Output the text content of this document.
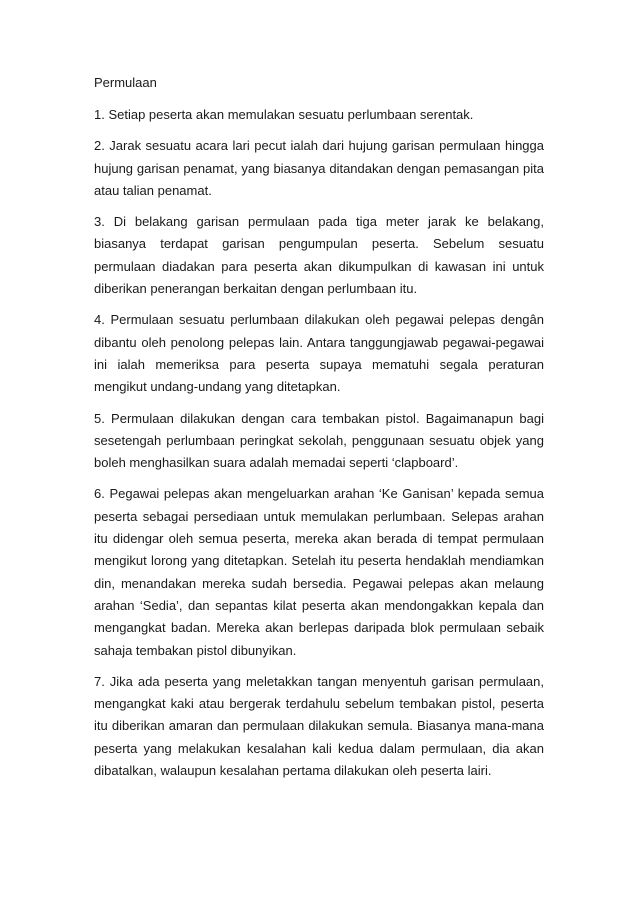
Permulaan

1. Setiap peserta akan memulakan sesuatu perlumbaan serentak.

2. Jarak sesuatu acara lari pecut ialah dari hujung garisan permulaan hingga hujung garisan penamat, yang biasanya ditandakan dengan pemasangan pita atau talian penamat.

3. Di belakang garisan permulaan pada tiga meter jarak ke belakang, biasanya terdapat garisan pengumpulan peserta. Sebelum sesuatu permulaan diadakan para peserta akan dikumpulkan di kawasan ini untuk diberikan penerangan berkaitan dengan perlumbaan itu.

4. Permulaan sesuatu perlumbaan dilakukan oleh pegawai pelepas dengân dibantu oleh penolong pelepas lain. Antara tanggungjawab pegawai-pegawai ini ialah memeriksa para peserta supaya mematuhi segala peraturan mengikut undang-undang yang ditetapkan.

5. Permulaan dilakukan dengan cara tembakan pistol. Bagaimanapun bagi sesetengah perlumbaan peringkat sekolah, penggunaan sesuatu objek yang boleh menghasilkan suara adalah memadai seperti ‘clapboard’.

6. Pegawai pelepas akan mengeluarkan arahan ‘Ke Ganisan’ kepada semua peserta sebagai persediaan untuk memulakan perlumbaan. Selepas arahan itu didengar oleh semua peserta, mereka akan berada di tempat permulaan mengikut lorong yang ditetapkan. Setelah itu peserta hendaklah mendiamkan din, menandakan mereka sudah bersedia. Pegawai pelepas akan melaung arahan ‘Sedia’, dan sepantas kilat peserta akan mendongakkan kepala dan mengangkat badan. Mereka akan berlepas daripada blok permulaan sebaik sahaja tembakan pistol dibunyikan.

7. Jika ada peserta yang meletakkan tangan menyentuh garisan permulaan, mengangkat kaki atau bergerak terdahulu sebelum tembakan pistol, peserta itu diberikan amaran dan permulaan dilakukan semula. Biasanya mana-mana peserta yang melakukan kesalahan kali kedua dalam permulaan, dia akan dibatalkan, walaupun kesalahan pertama dilakukan oleh peserta lairi.
